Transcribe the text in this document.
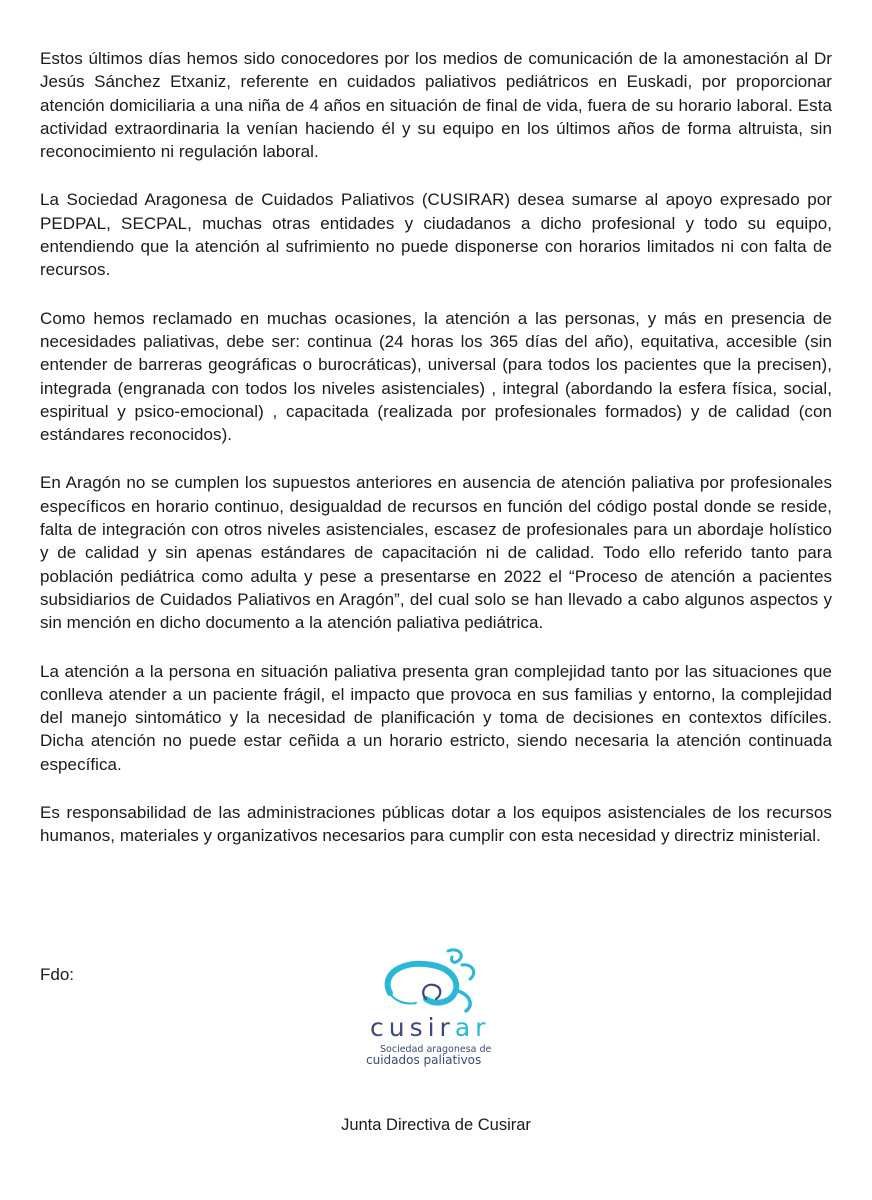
Estos últimos días hemos sido conocedores por los medios de comunicación de la amonestación al Dr Jesús Sánchez Etxaniz, referente en cuidados paliativos pediátricos en Euskadi, por proporcionar atención domiciliaria a una niña de 4 años en situación de final de vida, fuera de su horario laboral. Esta actividad extraordinaria la venían haciendo él y su equipo en los últimos años de forma altruista, sin reconocimiento ni regulación laboral.

La Sociedad Aragonesa de Cuidados Paliativos (CUSIRAR) desea sumarse al apoyo expresado por PEDPAL, SECPAL, muchas otras entidades y ciudadanos a dicho profesional y todo su equipo, entendiendo que la atención al sufrimiento no puede disponerse con horarios limitados ni con falta de recursos.

Como hemos reclamado en muchas ocasiones, la atención a las personas, y más en presencia de necesidades paliativas, debe ser: continua (24 horas los 365 días del año), equitativa, accesible (sin entender de barreras geográficas o burocráticas), universal (para todos los pacientes que la precisen), integrada (engranada con todos los niveles asistenciales) , integral (abordando la esfera física, social, espiritual y psico-emocional) , capacitada (realizada por profesionales formados) y de calidad (con estándares reconocidos).

En Aragón no se cumplen los supuestos anteriores en ausencia de atención paliativa por profesionales específicos en horario continuo, desigualdad de recursos en función del código postal donde se reside, falta de integración con otros niveles asistenciales, escasez de profesionales para un abordaje holístico y de calidad y sin apenas estándares de capacitación ni de calidad. Todo ello referido tanto para población pediátrica como adulta y pese a presentarse en 2022 el “Proceso de atención a pacientes subsidiarios de Cuidados Paliativos en Aragón”, del cual solo se han llevado a cabo algunos aspectos y sin mención en dicho documento a la atención paliativa pediátrica.

La atención a la persona en situación paliativa presenta gran complejidad tanto por las situaciones que conlleva atender a un paciente frágil, el impacto que provoca en sus familias y entorno, la complejidad del manejo sintomático y la necesidad de planificación y toma de decisiones en contextos difíciles. Dicha atención no puede estar ceñida a un horario estricto, siendo necesaria la atención continuada específica.

Es responsabilidad de las administraciones públicas dotar a los equipos asistenciales de los recursos humanos, materiales y organizativos necesarios para cumplir con esta necesidad y directriz ministerial.

Fdo:
cusirar
Sociedad aragonesa de
cuidados paliativos
Junta Directiva de Cusirar
